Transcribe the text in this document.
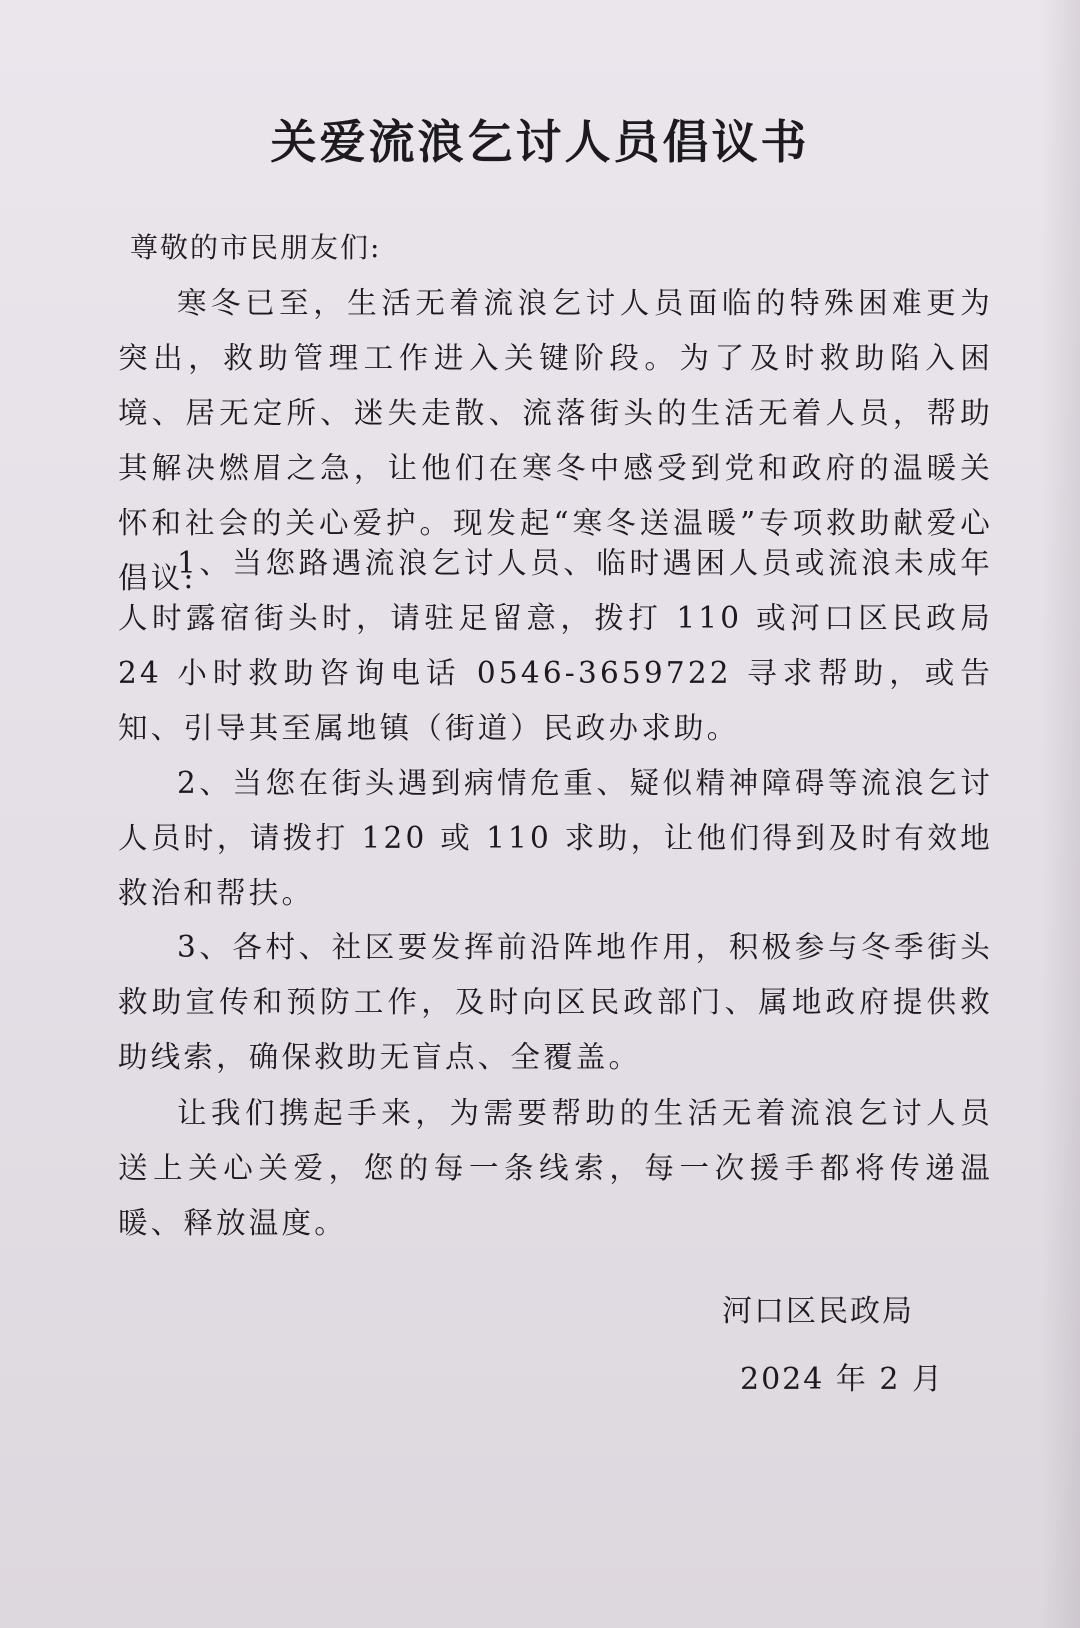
关爱流浪乞讨人员倡议书

尊敬的市民朋友们:

寒冬已至，生活无着流浪乞讨人员面临的特殊困难更为突出，救助管理工作进入关键阶段。为了及时救助陷入困境、居无定所、迷失走散、流落街头的生活无着人员，帮助其解决燃眉之急，让他们在寒冬中感受到党和政府的温暖关怀和社会的关心爱护。现发起“寒冬送温暖”专项救助献爱心倡议:

1、当您路遇流浪乞讨人员、临时遇困人员或流浪未成年人时露宿街头时，请驻足留意，拨打 110 或河口区民政局 24 小时救助咨询电话 0546-3659722 寻求帮助，或告知、引导其至属地镇（街道）民政办求助。

2、当您在街头遇到病情危重、疑似精神障碍等流浪乞讨人员时，请拨打 120 或 110 求助，让他们得到及时有效地救治和帮扶。

3、各村、社区要发挥前沿阵地作用，积极参与冬季街头救助宣传和预防工作，及时向区民政部门、属地政府提供救助线索，确保救助无盲点、全覆盖。

让我们携起手来，为需要帮助的生活无着流浪乞讨人员送上关心关爱，您的每一条线索，每一次援手都将传递温暖、释放温度。

河口区民政局

2024 年 2 月
